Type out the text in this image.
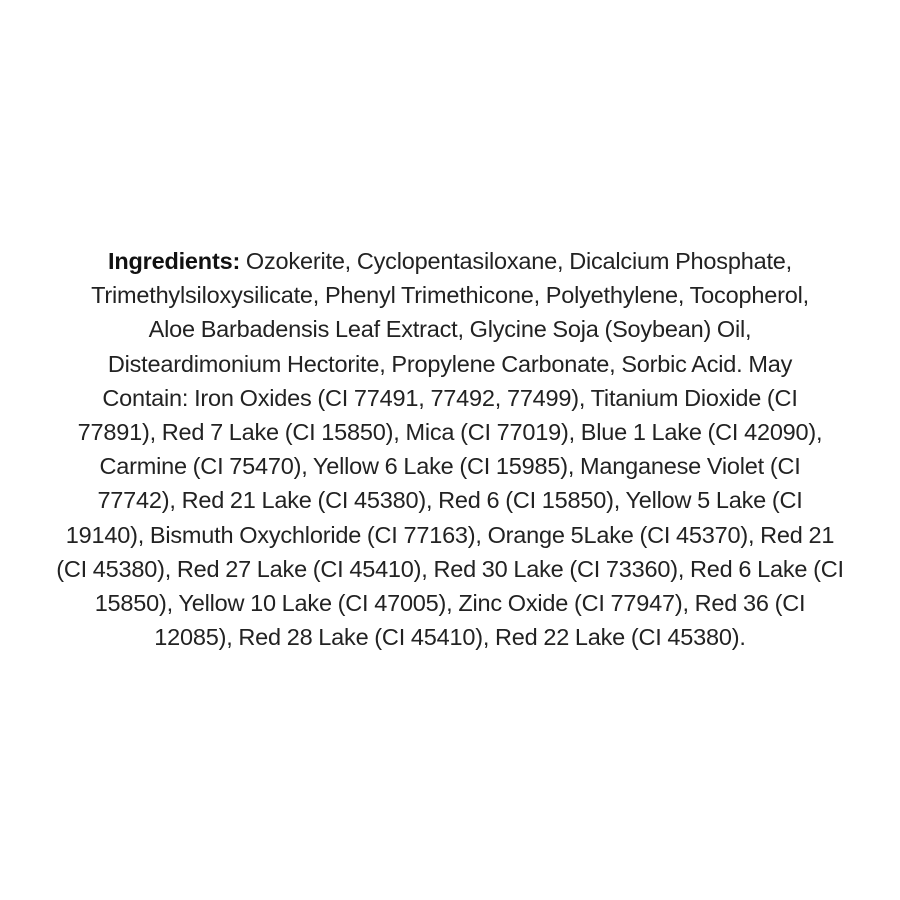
Ingredients: Ozokerite, Cyclopentasiloxane, Dicalcium Phosphate,
Trimethylsiloxysilicate, Phenyl Trimethicone, Polyethylene, Tocopherol,
Aloe Barbadensis Leaf Extract, Glycine Soja (Soybean) Oil,
Disteardimonium Hectorite, Propylene Carbonate, Sorbic Acid. May
Contain: Iron Oxides (CI 77491, 77492, 77499), Titanium Dioxide (CI
77891), Red 7 Lake (CI 15850), Mica (CI 77019), Blue 1 Lake (CI 42090),
Carmine (CI 75470), Yellow 6 Lake (CI 15985), Manganese Violet (CI
77742), Red 21 Lake (CI 45380), Red 6 (CI 15850), Yellow 5 Lake (CI
19140), Bismuth Oxychloride (CI 77163), Orange 5Lake (CI 45370), Red 21
(CI 45380), Red 27 Lake (CI 45410), Red 30 Lake (CI 73360), Red 6 Lake (CI
15850), Yellow 10 Lake (CI 47005), Zinc Oxide (CI 77947), Red 36 (CI
12085), Red 28 Lake (CI 45410), Red 22 Lake (CI 45380).
